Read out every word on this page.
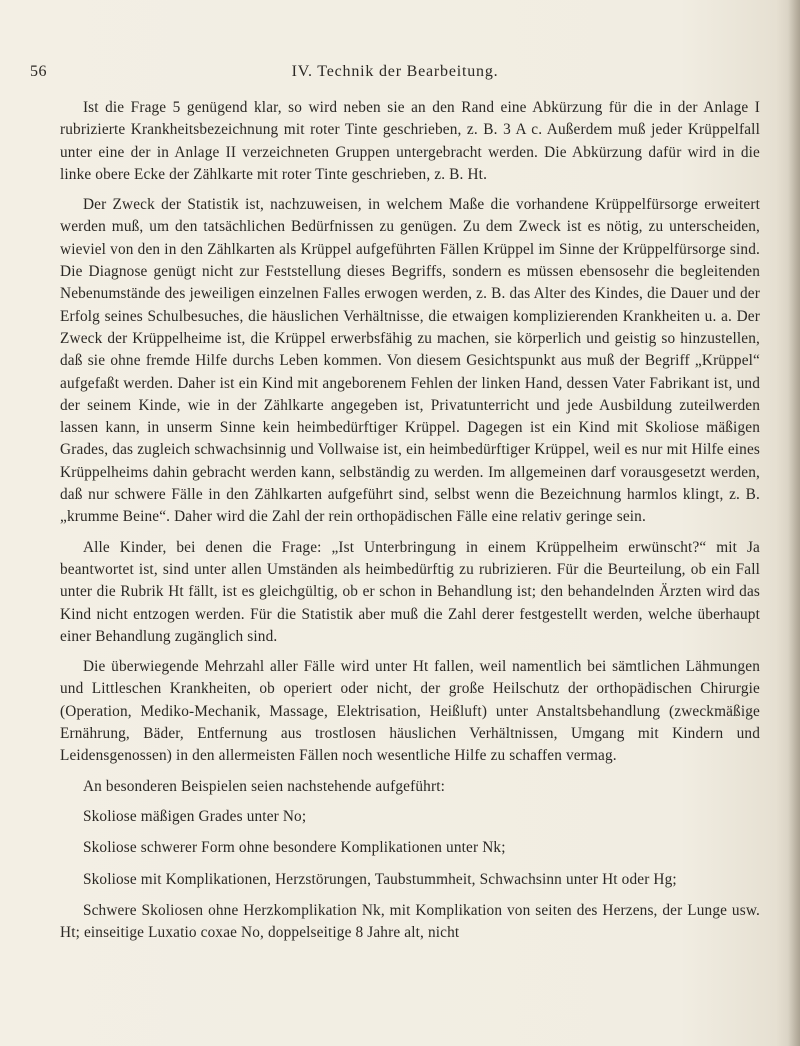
56	IV. Technik der Bearbeitung.

Ist die Frage 5 genügend klar, so wird neben sie an den Rand eine Abkürzung für die in der Anlage I rubrizierte Krankheitsbezeichnung mit roter Tinte geschrieben, z. B. 3 A c. Außerdem muß jeder Krüppelfall unter eine der in Anlage II verzeichneten Gruppen untergebracht werden. Die Abkürzung dafür wird in die linke obere Ecke der Zählkarte mit roter Tinte geschrieben, z. B. Ht.

Der Zweck der Statistik ist, nachzuweisen, in welchem Maße die vorhandene Krüppelfürsorge erweitert werden muß, um den tatsächlichen Bedürfnissen zu genügen. Zu dem Zweck ist es nötig, zu unterscheiden, wieviel von den in den Zählkarten als Krüppel aufgeführten Fällen Krüppel im Sinne der Krüppelfürsorge sind. Die Diagnose genügt nicht zur Feststellung dieses Begriffs, sondern es müssen ebensosehr die begleitenden Nebenumstände des jeweiligen einzelnen Falles erwogen werden, z. B. das Alter des Kindes, die Dauer und der Erfolg seines Schulbesuches, die häuslichen Verhältnisse, die etwaigen komplizierenden Krankheiten u. a. Der Zweck der Krüppelheime ist, die Krüppel erwerbsfähig zu machen, sie körperlich und geistig so hinzustellen, daß sie ohne fremde Hilfe durchs Leben kommen. Von diesem Gesichtspunkt aus muß der Begriff „Krüppel“ aufgefaßt werden. Daher ist ein Kind mit angeborenem Fehlen der linken Hand, dessen Vater Fabrikant ist, und der seinem Kinde, wie in der Zählkarte angegeben ist, Privatunterricht und jede Ausbildung zuteilwerden lassen kann, in unserm Sinne kein heimbedürftiger Krüppel. Dagegen ist ein Kind mit Skoliose mäßigen Grades, das zugleich schwachsinnig und Vollwaise ist, ein heimbedürftiger Krüppel, weil es nur mit Hilfe eines Krüppelheims dahin gebracht werden kann, selbständig zu werden. Im allgemeinen darf vorausgesetzt werden, daß nur schwere Fälle in den Zählkarten aufgeführt sind, selbst wenn die Bezeichnung harmlos klingt, z. B. „krumme Beine“. Daher wird die Zahl der rein orthopädischen Fälle eine relativ geringe sein.

Alle Kinder, bei denen die Frage: „Ist Unterbringung in einem Krüppelheim erwünscht?“ mit Ja beantwortet ist, sind unter allen Umständen als heimbedürftig zu rubrizieren. Für die Beurteilung, ob ein Fall unter die Rubrik Ht fällt, ist es gleichgültig, ob er schon in Behandlung ist; den behandelnden Ärzten wird das Kind nicht entzogen werden. Für die Statistik aber muß die Zahl derer festgestellt werden, welche überhaupt einer Behandlung zugänglich sind.

Die überwiegende Mehrzahl aller Fälle wird unter Ht fallen, weil namentlich bei sämtlichen Lähmungen und Littleschen Krankheiten, ob operiert oder nicht, der große Heilschutz der orthopädischen Chirurgie (Operation, Mediko-Mechanik, Massage, Elektrisation, Heißluft) unter Anstaltsbehandlung (zweckmäßige Ernährung, Bäder, Entfernung aus trostlosen häuslichen Verhältnissen, Umgang mit Kindern und Leidensgenossen) in den allermeisten Fällen noch wesentliche Hilfe zu schaffen vermag.

An besonderen Beispielen seien nachstehende aufgeführt:

Skoliose mäßigen Grades unter No;

Skoliose schwerer Form ohne besondere Komplikationen unter Nk;

Skoliose mit Komplikationen, Herzstörungen, Taubstummheit, Schwachsinn unter Ht oder Hg;

Schwere Skoliosen ohne Herzkomplikation Nk, mit Komplikation von seiten des Herzens, der Lunge usw. Ht; einseitige Luxatio coxae No, doppelseitige 8 Jahre alt, nicht
